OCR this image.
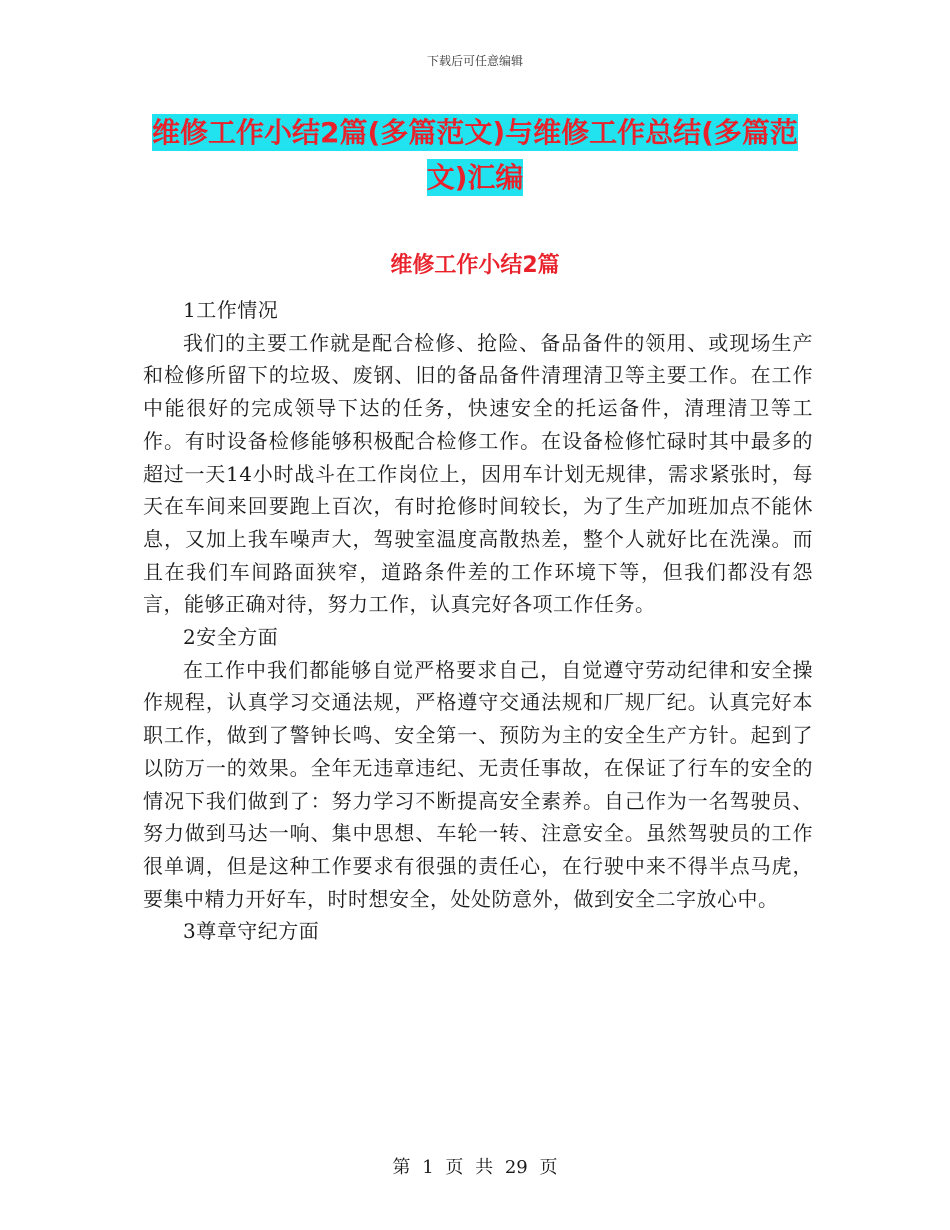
下载后可任意编辑
维修工作小结2篇(多篇范文)与维修工作总结(多篇范文)汇编
维修工作小结2篇

1工作情况

我们的主要工作就是配合检修、抢险、备品备件的领用、或现场生产和检修所留下的垃圾、废钢、旧的备品备件清理清卫等主要工作。在工作中能很好的完成领导下达的任务，快速安全的托运备件，清理清卫等工作。有时设备检修能够积极配合检修工作。在设备检修忙碌时其中最多的超过一天14小时战斗在工作岗位上，因用车计划无规律，需求紧张时，每天在车间来回要跑上百次，有时抢修时间较长，为了生产加班加点不能休息，又加上我车噪声大，驾驶室温度高散热差，整个人就好比在洗澡。而且在我们车间路面狭窄，道路条件差的工作环境下等，但我们都没有怨言，能够正确对待，努力工作，认真完好各项工作任务。

2安全方面

在工作中我们都能够自觉严格要求自己，自觉遵守劳动纪律和安全操作规程，认真学习交通法规，严格遵守交通法规和厂规厂纪。认真完好本职工作，做到了警钟长鸣、安全第一、预防为主的安全生产方针。起到了以防万一的效果。全年无违章违纪、无责任事故，在保证了行车的安全的情况下我们做到了：努力学习不断提高安全素养。自己作为一名驾驶员、努力做到马达一响、集中思想、车轮一转、注意安全。虽然驾驶员的工作很单调，但是这种工作要求有很强的责任心，在行驶中来不得半点马虎，要集中精力开好车，时时想安全，处处防意外，做到安全二字放心中。

3尊章守纪方面

第 1 页 共 29 页
